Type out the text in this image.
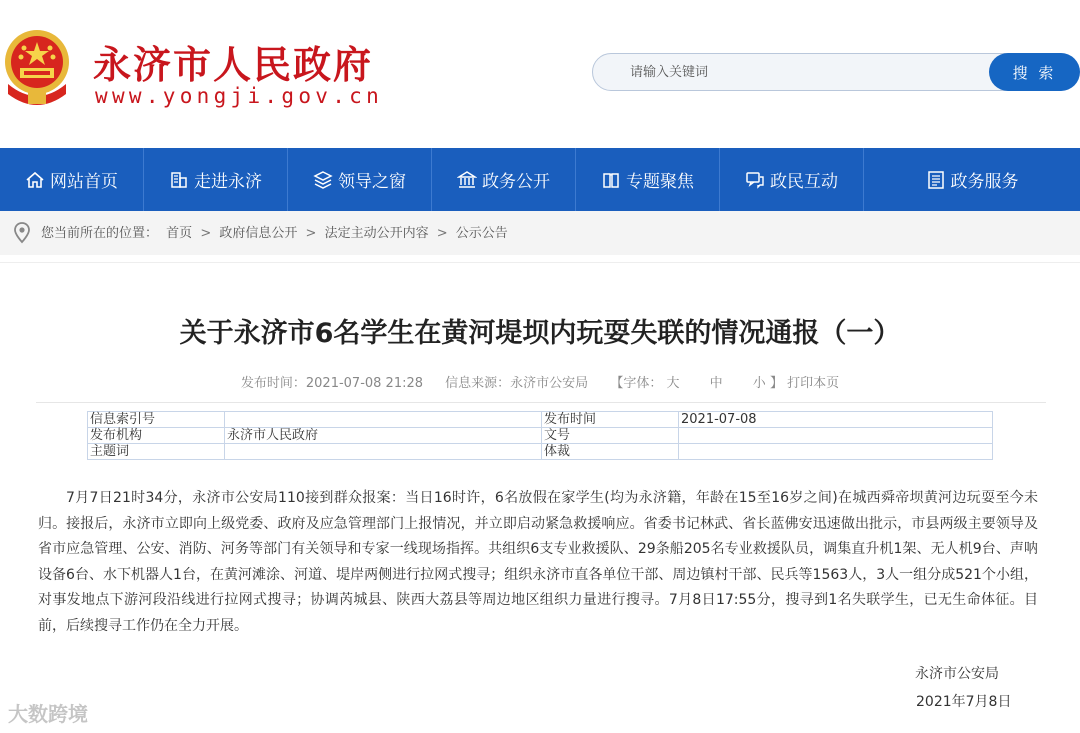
永济市人民政府
www.yongji.gov.cn
请输入关键词
搜 索
网站首页	走进永济	领导之窗	政务公开	专题聚焦	政民互动	政务服务
您当前所在的位置： 首页 > 政府信息公开 > 法定主动公开内容 > 公示公告
关于永济市6名学生在黄河堤坝内玩耍失联的情况通报（一）
发布时间：2021-07-08 21:28 信息来源：永济市公安局 【字体： 大 中 小 】 打印本页
信息索引号		发布时间	2021-07-08
发布机构	永济市人民政府	文号	
主题词		体裁	
7月7日21时34分，永济市公安局110接到群众报案：当日16时许，6名放假在家学生(均为永济籍，年龄在15至16岁之间)在城西舜帝坝黄河边玩耍至今未归。接报后，永济市立即向上级党委、政府及应急管理部门上报情况，并立即启动紧急救援响应。省委书记林武、省长蓝佛安迅速做出批示，市县两级主要领导及省市应急管理、公安、消防、河务等部门有关领导和专家一线现场指挥。共组织6支专业救援队、29条船205名专业救援队员，调集直升机1架、无人机9台、声呐设备6台、水下机器人1台，在黄河滩涂、河道、堤岸两侧进行拉网式搜寻；组织永济市直各单位干部、周边镇村干部、民兵等1563人，3人一组分成521个小组，对事发地点下游河段沿线进行拉网式搜寻；协调芮城县、陕西大荔县等周边地区组织力量进行搜寻。7月8日17:55分，搜寻到1名失联学生，已无生命体征。目前，后续搜寻工作仍在全力开展。
永济市公安局
2021年7月8日
大数跨境
